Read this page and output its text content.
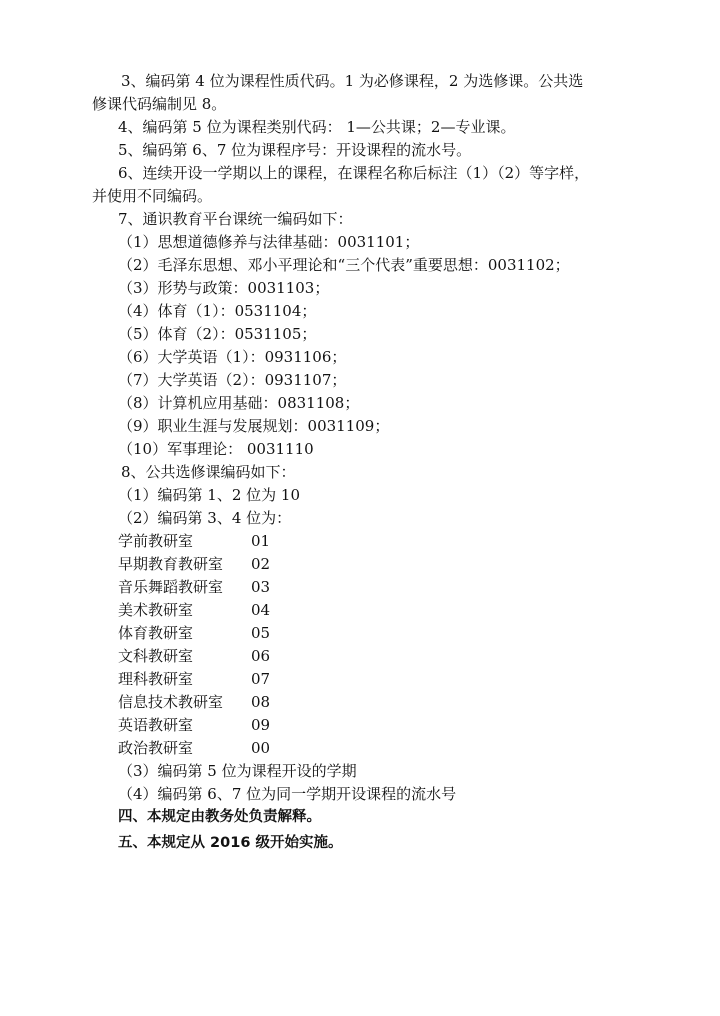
3、编码第 4 位为课程性质代码。1 为必修课程，2 为选修课。公共选
修课代码编制见 8。
4、编码第 5 位为课程类别代码： 1—公共课；2—专业课。
5、编码第 6、7 位为课程序号：开设课程的流水号。
6、连续开设一学期以上的课程，在课程名称后标注（1）（2）等字样，
并使用不同编码。
7、通识教育平台课统一编码如下：
（1）思想道德修养与法律基础：0031101；
（2）毛泽东思想、邓小平理论和“三个代表”重要思想：0031102；
（3）形势与政策：0031103；
（4）体育（1）：0531104；
（5）体育（2）：0531105；
（6）大学英语（1）：0931106；
（7）大学英语（2）：0931107；
（8）计算机应用基础：0831108；
（9）职业生涯与发展规划：0031109；
（10）军事理论： 0031110
8、公共选修课编码如下：
（1）编码第 1、2 位为 10
（2）编码第 3、4 位为：
学前教研室	01
早期教育教研室 02
音乐舞蹈教研室 03
美术教研室	04
体育教研室	05
文科教研室	06
理科教研室	07
信息技术教研室 08
英语教研室	09
政治教研室	00
（3）编码第 5 位为课程开设的学期
（4）编码第 6、7 位为同一学期开设课程的流水号
四、本规定由教务处负责解释。
五、本规定从 2016 级开始实施。
